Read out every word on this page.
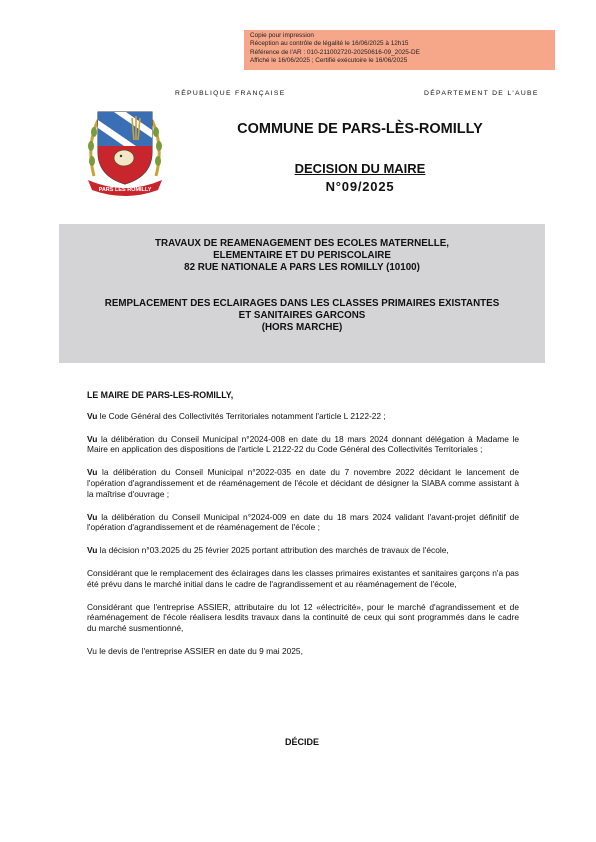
Copie pour impression
Réception au contrôle de légalité le 16/06/2025 à 12h15
Référence de l'AR : 010-211002720-20250616-09_2025-DE
Affiché le 16/06/2025 ; Certifié exécutoire le 16/06/2025
RÉPUBLIQUE FRANÇAISE	DÉPARTEMENT DE L'AUBE
PARS LES ROMILLY
COMMUNE DE PARS-LÈS-ROMILLY
DECISION DU MAIRE
N°09/2025
TRAVAUX DE REAMENAGEMENT DES ECOLES MATERNELLE,
ELEMENTAIRE ET DU PERISCOLAIRE
82 RUE NATIONALE A PARS LES ROMILLY (10100)
REMPLACEMENT DES ECLAIRAGES DANS LES CLASSES PRIMAIRES EXISTANTES
ET SANITAIRES GARCONS
(HORS MARCHE)
LE MAIRE DE PARS-LES-ROMILLY,
Vu le Code Général des Collectivités Territoriales notamment l'article L 2122-22 ;
Vu la délibération du Conseil Municipal n°2024-008 en date du 18 mars 2024 donnant délégation à Madame le Maire en application des dispositions de l'article L 2122-22 du Code Général des Collectivités Territoriales ;
Vu la délibération du Conseil Municipal n°2022-035 en date du 7 novembre 2022 décidant le lancement de l'opération d'agrandissement et de réaménagement de l'école et décidant de désigner la SIABA comme assistant à la maîtrise d'ouvrage ;
Vu la délibération du Conseil Municipal n°2024-009 en date du 18 mars 2024 validant l'avant-projet définitif de l'opération d'agrandissement et de réaménagement de l'école ;
Vu la décision n°03.2025 du 25 février 2025 portant attribution des marchés de travaux de l'école,
Considérant que le remplacement des éclairages dans les classes primaires existantes et sanitaires garçons n'a pas été prévu dans le marché initial dans le cadre de l'agrandissement et au réaménagement de l'école,
Considérant que l'entreprise ASSIER, attributaire du lot 12 «électricité», pour le marché d'agrandissement et de réaménagement de l'école réalisera lesdits travaux dans la continuité de ceux qui sont programmés dans le cadre du marché susmentionné,
Vu le devis de l'entreprise ASSIER en date du 9 mai 2025,
DÉCIDE
